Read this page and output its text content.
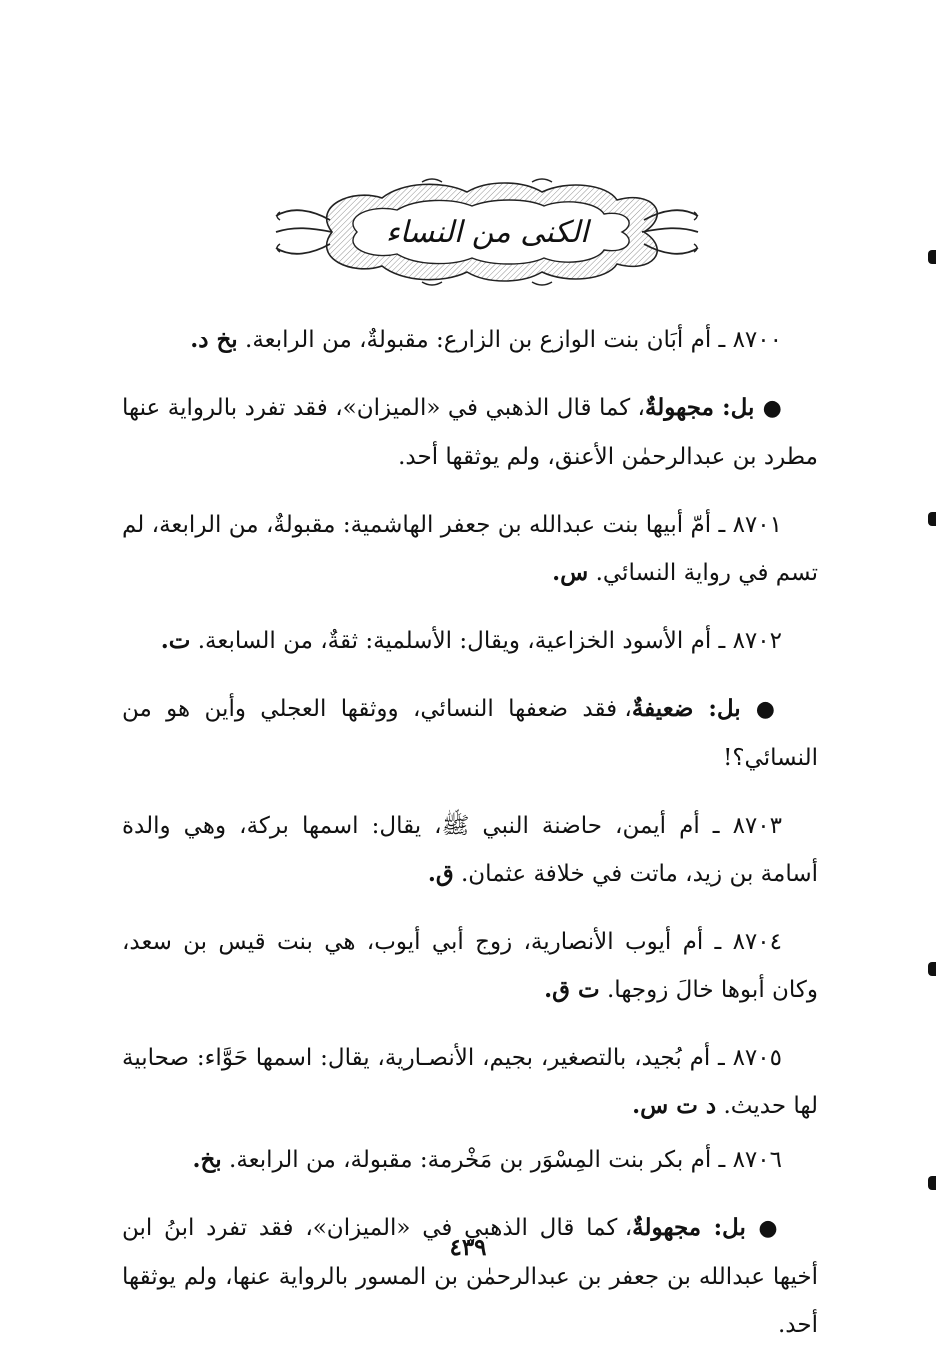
الكنى من النساء

٨٧٠٠ ـ أم أبَان بنت الوازع بن الزارع: مقبولةٌ، من الرابعة. بخ د.

● بل: مجهولةٌ، كما قال الذهبي في «الميزان»، فقد تفرد بالرواية عنها مطرد بن عبدالرحمٰن الأعنق، ولم يوثقها أحد.

٨٧٠١ ـ أمّ أبيها بنت عبدالله بن جعفر الهاشمية: مقبولةٌ، من الرابعة، لم تسم في رواية النسائي. س.

٨٧٠٢ ـ أم الأسود الخزاعية، ويقال: الأسلمية: ثقةٌ، من السابعة. ت.

● بل: ضعيفةٌ، فقد ضعفها النسائي، ووثقها العجلي وأين هو من النسائي؟!

٨٧٠٣ ـ أم أيمن، حاضنة النبي ﷺ، يقال: اسمها بركة، وهي والدة أسامة بن زيد، ماتت في خلافة عثمان. ق.

٨٧٠٤ ـ أم أيوب الأنصارية، زوج أبي أيوب، هي بنت قيس بن سعد، وكان أبوها خالَ زوجها. ت ق.

٨٧٠٥ ـ أم بُجيد، بالتصغير، بجيم، الأنصـارية، يقال: اسمها حَوَّاء: صحابية لها حديث. د ت س.

٨٧٠٦ ـ أم بكر بنت المِسْوَر بن مَخْرمة: مقبولة، من الرابعة. بخ.

● بل: مجهولةٌ، كما قال الذهبي في «الميزان»، فقد تفرد ابنُ ابن أخيها عبدالله بن جعفر بن عبدالرحمٰن بن المسور بالرواية عنها، ولم يوثقها أحد.

٤٣٩
